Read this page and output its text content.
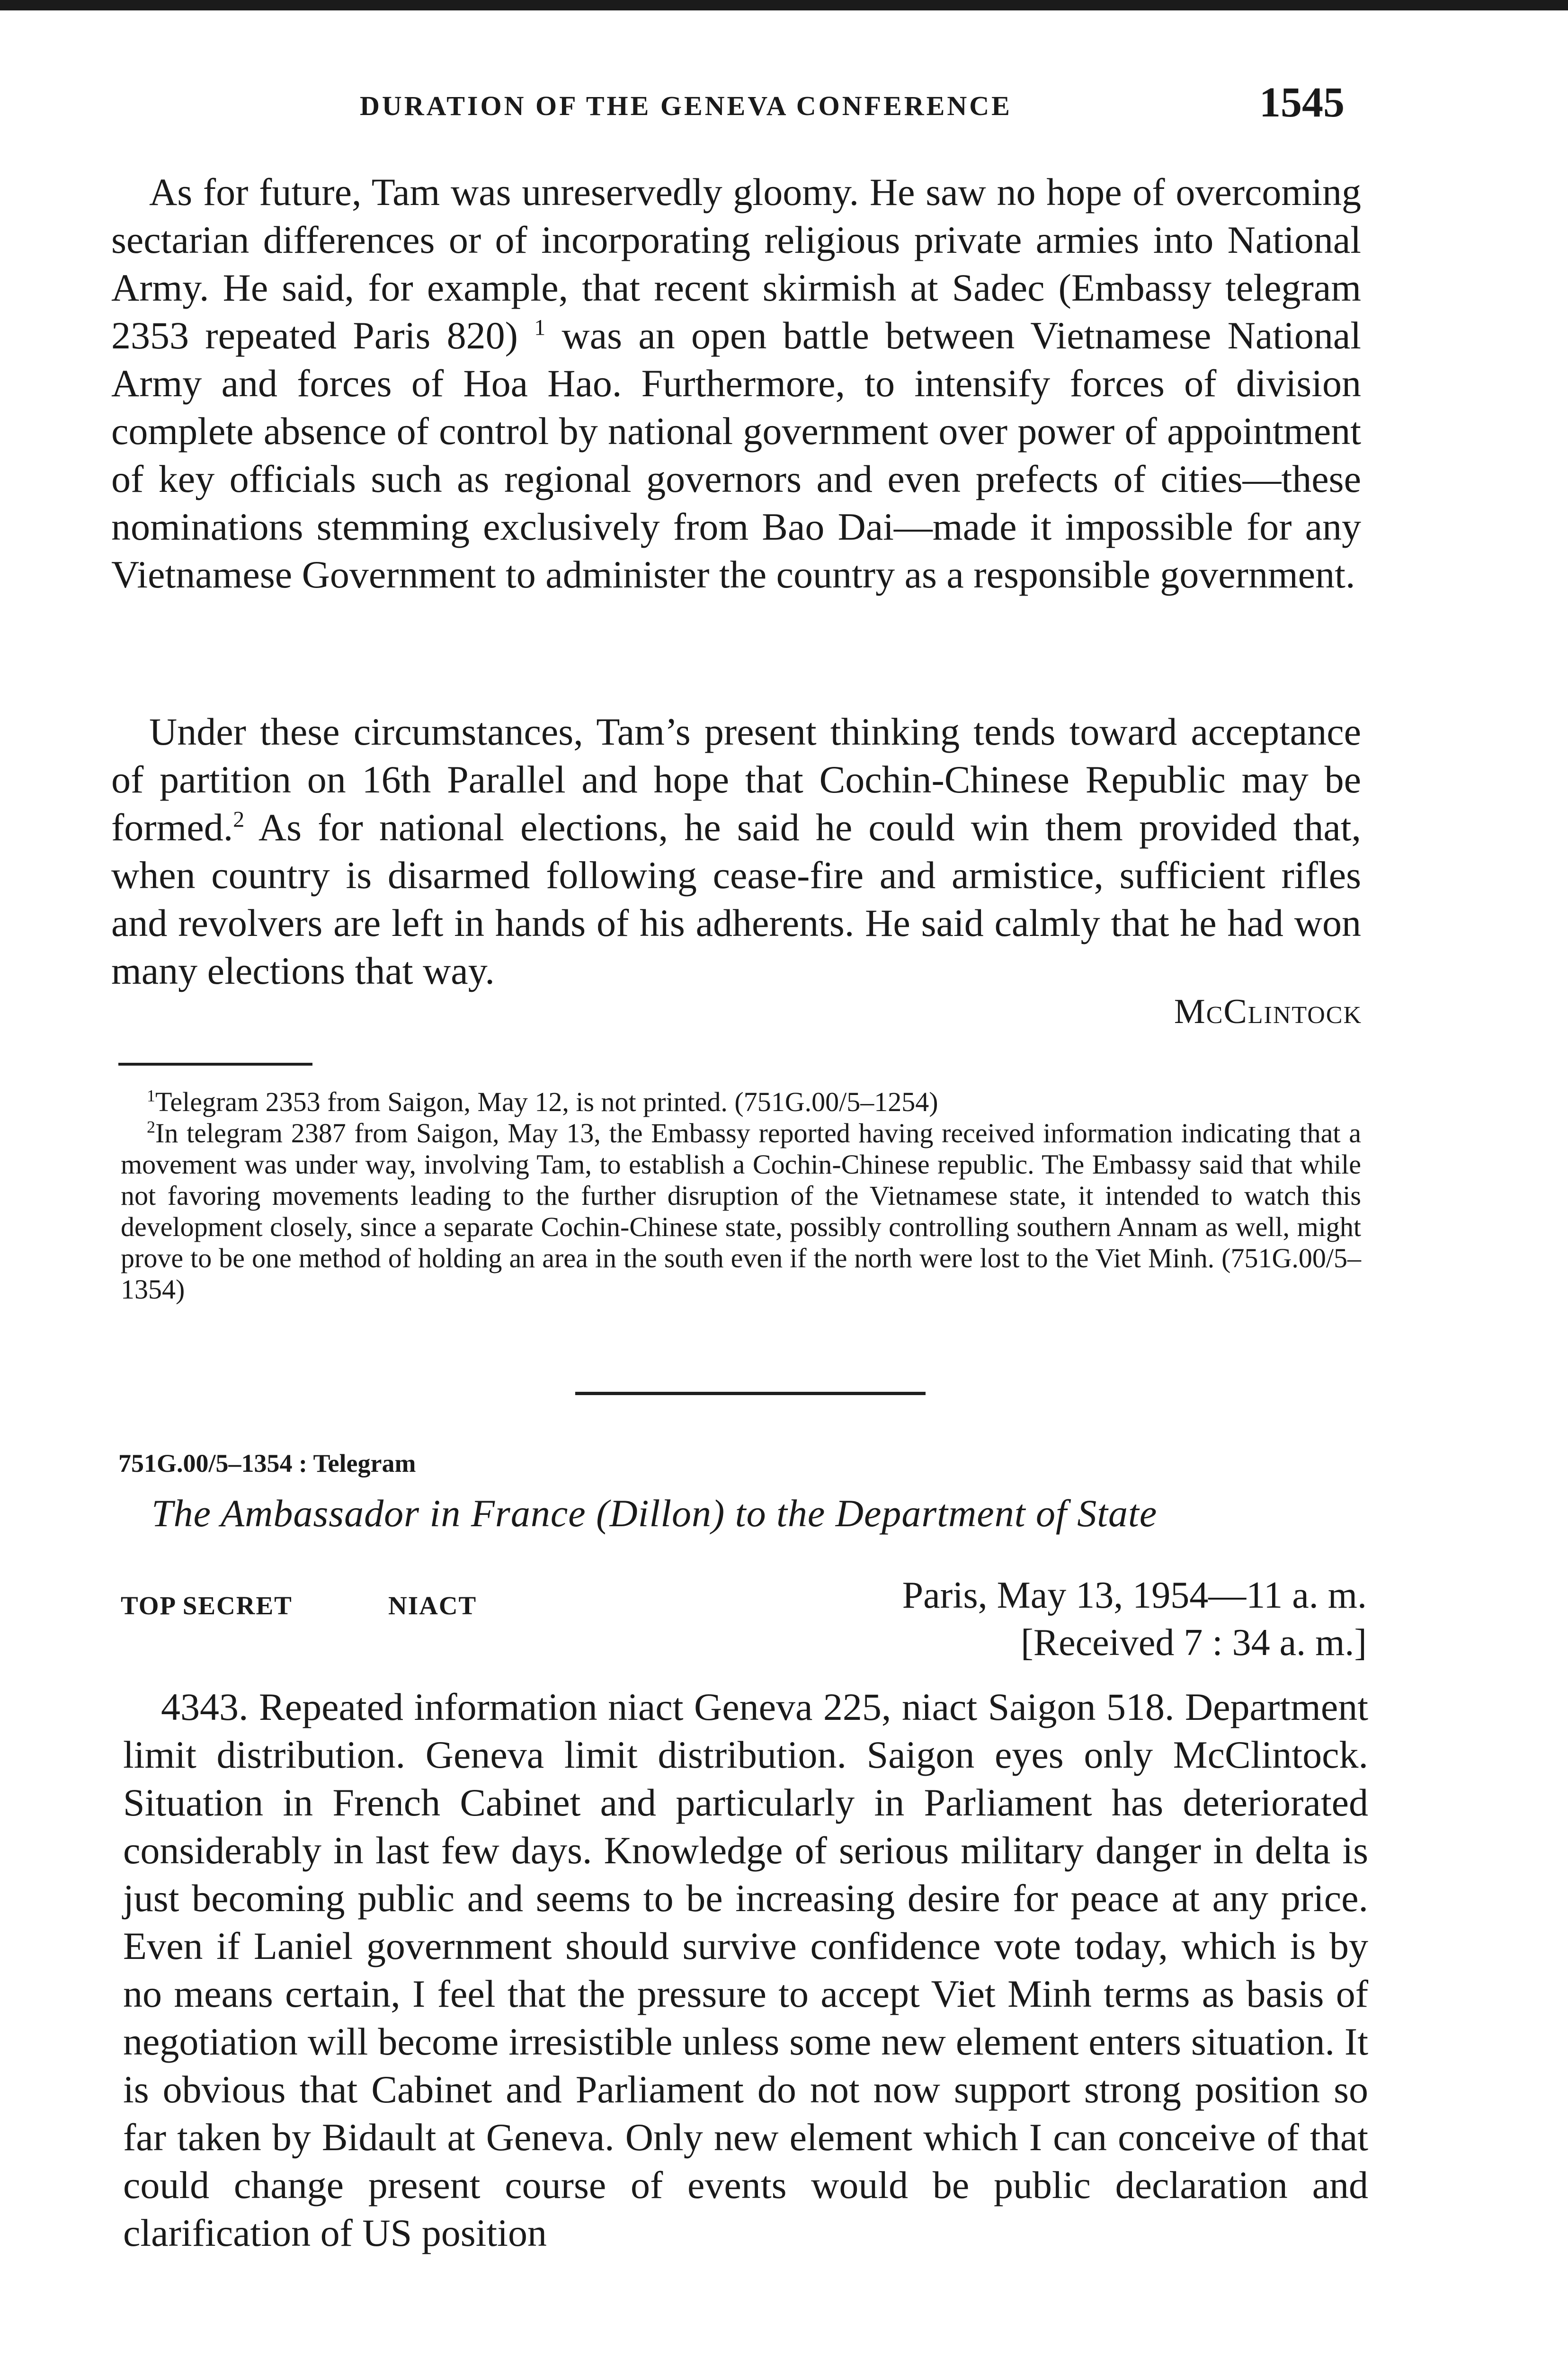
DURATION OF THE GENEVA CONFERENCE	1545

As for future, Tam was unreservedly gloomy. He saw no hope of overcoming sectarian differences or of incorporating religious private armies into National Army. He said, for example, that recent skirmish at Sadec (Embassy telegram 2353 repeated Paris 820) $^1$ was an open battle between Vietnamese National Army and forces of Hoa Hao. Furthermore, to intensify forces of division complete absence of control by national government over power of appointment of key officials such as regional governors and even prefects of cities—these nominations stemming exclusively from Bao Dai—made it impossible for any Vietnamese Government to administer the country as a responsible government.

Under these circumstances, Tam’s present thinking tends toward acceptance of partition on 16th Parallel and hope that Cochin-Chinese Republic may be formed.$^2$ As for national elections, he said he could win them provided that, when country is disarmed following cease-fire and armistice, sufficient rifles and revolvers are left in hands of his adherents. He said calmly that he had won many elections that way.

McClintock

$^1$Telegram 2353 from Saigon, May 12, is not printed. (751G.00/5–1254)

$^2$In telegram 2387 from Saigon, May 13, the Embassy reported having received information indicating that a movement was under way, involving Tam, to establish a Cochin-Chinese republic. The Embassy said that while not favoring movements leading to the further disruption of the Vietnamese state, it intended to watch this development closely, since a separate Cochin-Chinese state, possibly controlling southern Annam as well, might prove to be one method of holding an area in the south even if the north were lost to the Viet Minh. (751G.00/5–1354)

751G.00/5–1354 : Telegram
The Ambassador in France (Dillon) to the Department of State
TOP SECRET	NIACT	Paris, May 13, 1954—11 a. m.
[Received 7 : 34 a. m.]

4343. Repeated information niact Geneva 225, niact Saigon 518. Department limit distribution. Geneva limit distribution. Saigon eyes only McClintock. Situation in French Cabinet and particularly in Parliament has deteriorated considerably in last few days. Knowledge of serious military danger in delta is just becoming public and seems to be increasing desire for peace at any price. Even if Laniel government should survive confidence vote today, which is by no means certain, I feel that the pressure to accept Viet Minh terms as basis of negotiation will become irresistible unless some new element enters situation. It is obvious that Cabinet and Parliament do not now support strong position so far taken by Bidault at Geneva. Only new element which I can conceive of that could change present course of events would be public declaration and clarification of US position
